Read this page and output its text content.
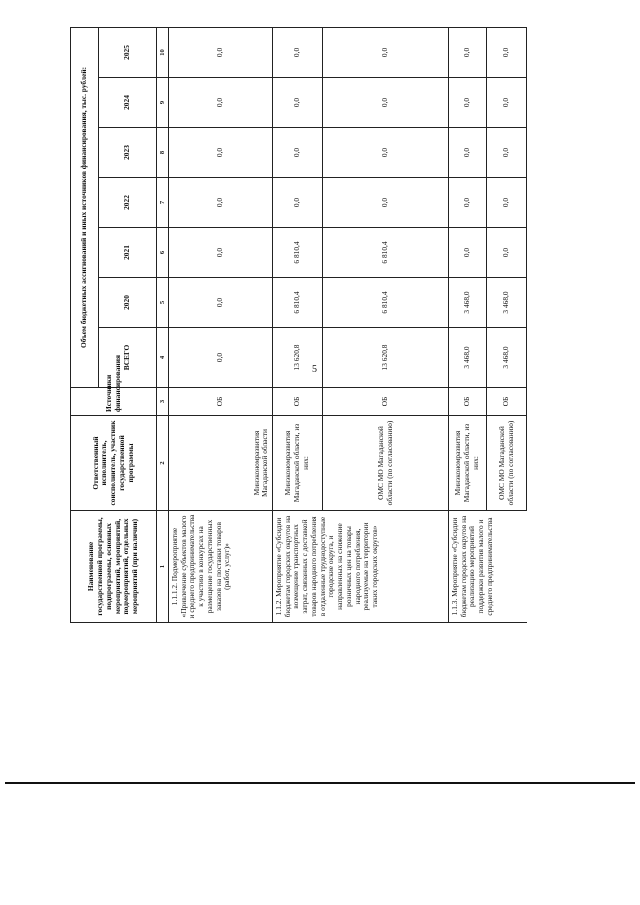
5
Наименование государственной программы, подпрограммы, основных мероприятий, мероприятий, подмероприятий, отдельных мероприятий (при наличии)	Ответственный исполнитель, соисполнитель, участник государственной программы	Источники финансирования	Объем бюджетных ассигнований и иных источников финансирования, тыс. рублей:						
			ВСЕГО	2020	2021	2022	2023	2024	2025
1	2	3	4	5	6	7	8	9	10
1.1.1.2. Подмероприятие «Привлечение субъектов малого и среднего предпринимательства к участию в конкурсах на размещение государственных заказов на поставки товаров (работ, услуг)»	Минэкономразвития Магаданской области	ОБ	0,0	0,0	0,0	0,0	0,0	0,0	0,0
1.1.2. Мероприятие «Субсидии бюджетам городских округов на возмещение транспортных затрат, связанных с доставкой товаров народного потребления в отдаленные труднодоступные городские округа, и направленных на снижение розничных цен на товары народного потребления, реализуемые на территории таких городских округов»	Минэкономразвития Магаданской области, из них:	ОБ	13 620,8	6 810,4	6 810,4	0,0	0,0	0,0	0,0
	ОМС МО Магаданской области (по согласованию)	ОБ	13 620,8	6 810,4	6 810,4	0,0	0,0	0,0	0,0
1.1.3. Мероприятие «Субсидии бюджетам городских округов на реализацию мероприятий поддержки развития малого и среднего предпринимательства	Минэкономразвития Магаданской области, из них:	ОБ	3 468,0	3 468,0	0,0	0,0	0,0	0,0	0,0
	ОМС МО Магаданской области (по согласованию)	ОБ	3 468,0	3 468,0	0,0	0,0	0,0	0,0	0,0
